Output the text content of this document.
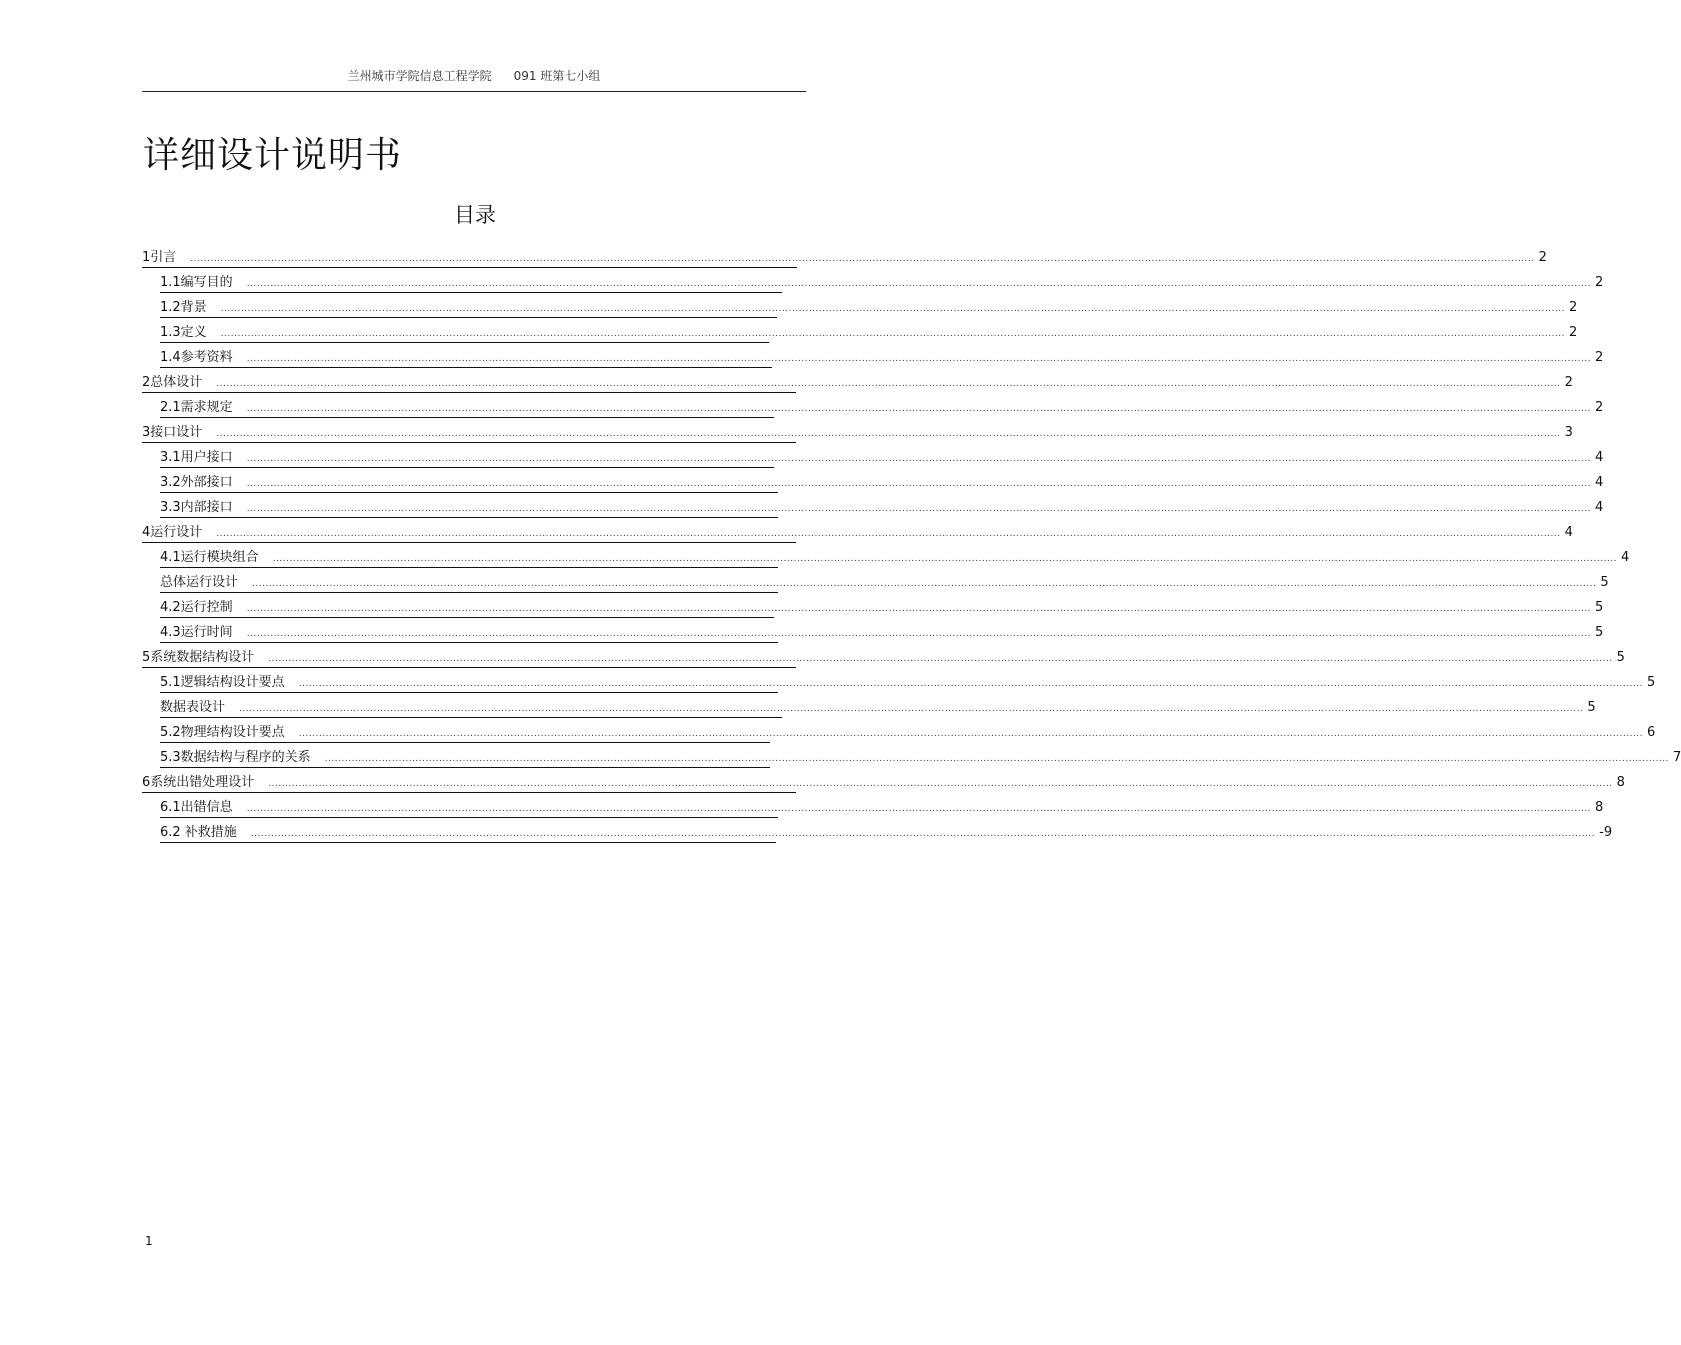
兰州城市学院信息工程学院 091 班第七小组
详细设计说明书
目录
1引言 ................................................................................................................................................................................................................................................................................................................................................................................................................ 2
1.1编写目的 ................................................................................................................................................................................................................................................................................................................................................................................................................ 2
1.2背景 ................................................................................................................................................................................................................................................................................................................................................................................................................ 2
1.3定义 ................................................................................................................................................................................................................................................................................................................................................................................................................ 2
1.4参考资料 ................................................................................................................................................................................................................................................................................................................................................................................................................ 2
2总体设计 ................................................................................................................................................................................................................................................................................................................................................................................................................ 2
2.1需求规定 ................................................................................................................................................................................................................................................................................................................................................................................................................ 2
3接口设计 ................................................................................................................................................................................................................................................................................................................................................................................................................ 3
3.1用户接口 ................................................................................................................................................................................................................................................................................................................................................................................................................ 4
3.2外部接口 ................................................................................................................................................................................................................................................................................................................................................................................................................ 4
3.3内部接口 ................................................................................................................................................................................................................................................................................................................................................................................................................ 4
4运行设计 ................................................................................................................................................................................................................................................................................................................................................................................................................ 4
4.1运行模块组合 ................................................................................................................................................................................................................................................................................................................................................................................................................ 4
总体运行设计 ................................................................................................................................................................................................................................................................................................................................................................................................................ 5
4.2运行控制 ................................................................................................................................................................................................................................................................................................................................................................................................................ 5
4.3运行时间 ................................................................................................................................................................................................................................................................................................................................................................................................................ 5
5系统数据结构设计 ................................................................................................................................................................................................................................................................................................................................................................................................................ 5
5.1逻辑结构设计要点 ................................................................................................................................................................................................................................................................................................................................................................................................................ 5
数据表设计 ................................................................................................................................................................................................................................................................................................................................................................................................................ 5
5.2物理结构设计要点 ................................................................................................................................................................................................................................................................................................................................................................................................................ 6
5.3数据结构与程序的关系 ................................................................................................................................................................................................................................................................................................................................................................................................................ 7
6系统出错处理设计 ................................................................................................................................................................................................................................................................................................................................................................................................................ 8
6.1出错信息 ................................................................................................................................................................................................................................................................................................................................................................................................................ 8
6.2 补救措施 ................................................................................................................................................................................................................................................................................................................................................................................................................ -9
1
